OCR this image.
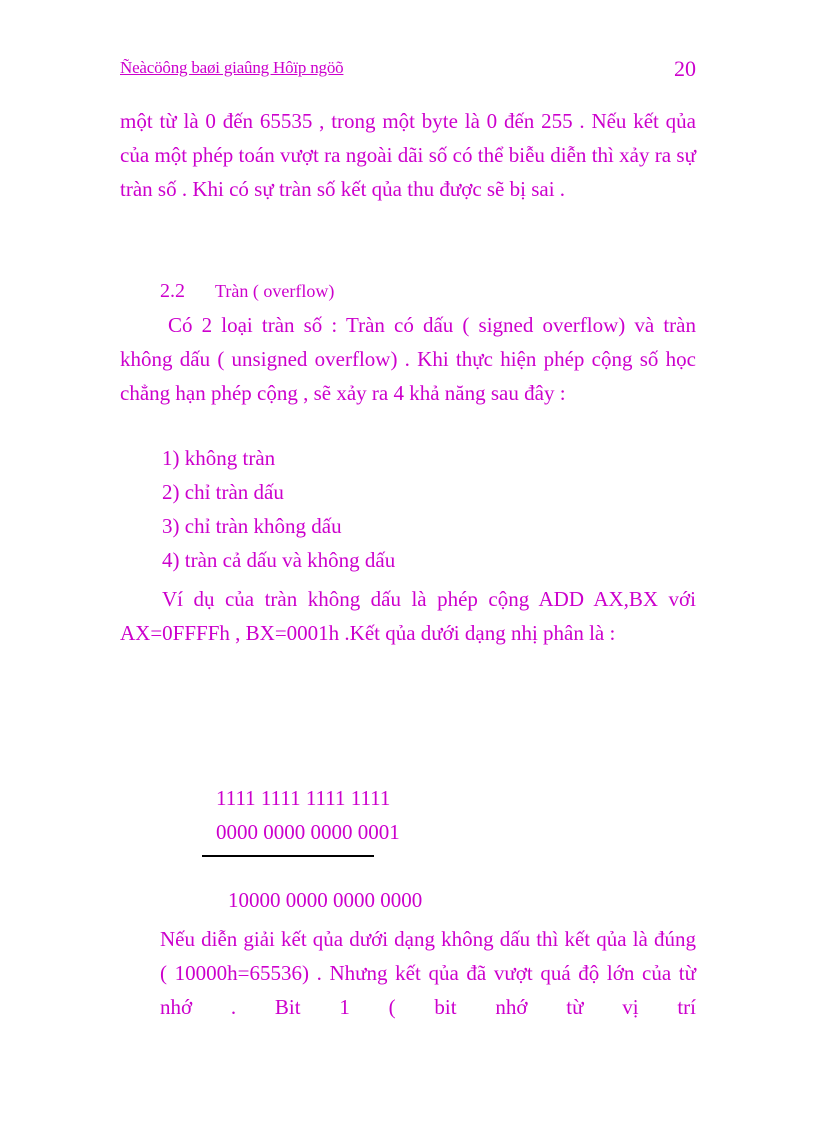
Ñeàcöông baøi giaûng Hôïp ngöõ	20

một từ là 0 đến 65535 , trong một byte là 0 đến 255 . Nếu kết qủa của một phép toán vượt ra ngoài dãi số có thể biễu diễn thì xảy ra sự tràn số . Khi có sự tràn số kết qủa thu được sẽ bị sai .

2.2 Tràn ( overflow)

Có 2 loại tràn số : Tràn có dấu ( signed overflow) và tràn không dấu ( unsigned overflow) . Khi thực hiện phép cộng số học chẳng hạn phép cộng , sẽ xảy ra 4 khả năng sau đây :

1) không tràn
2) chỉ tràn dấu
3) chỉ tràn không dấu
4) tràn cả dấu và không dấu

Ví dụ của tràn không dấu là phép cộng ADD AX,BX với AX=0FFFFh , BX=0001h .Kết qủa dưới dạng nhị phân là :

1111 1111 1111 1111
0000 0000 0000 0001
10000 0000 0000 0000

Nếu diễn giải kết qủa dưới dạng không dấu thì kết qủa là đúng ( 10000h=65536) . Nhưng kết qủa đã vượt quá độ lớn của từ nhớ . Bit 1 ( bit nhớ từ vị trí
